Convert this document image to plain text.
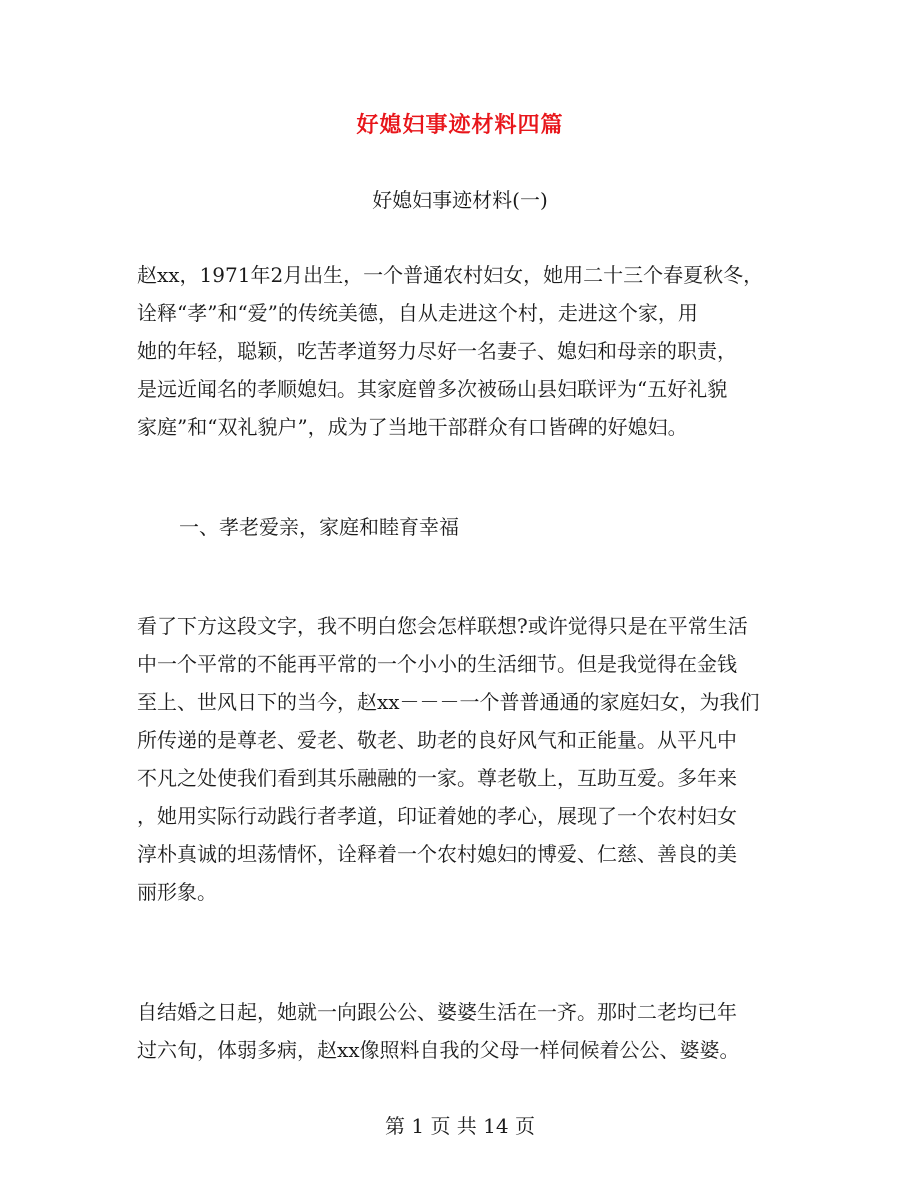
好媳妇事迹材料四篇
好媳妇事迹材料(一)

赵xx，1971年2月出生，一个普通农村妇女，她用二十三个春夏秋冬，
诠释“孝”和“爱”的传统美德，自从走进这个村，走进这个家，用
她的年轻，聪颖，吃苦孝道努力尽好一名妻子、媳妇和母亲的职责，
是远近闻名的孝顺媳妇。其家庭曾多次被砀山县妇联评为“五好礼貌
家庭”和“双礼貌户”，成为了当地干部群众有口皆碑的好媳妇。

一、孝老爱亲，家庭和睦育幸福

看了下方这段文字，我不明白您会怎样联想?或许觉得只是在平常生活
中一个平常的不能再平常的一个小小的生活细节。但是我觉得在金钱
至上、世风日下的当今，赵xx－－－一个普普通通的家庭妇女，为我们
所传递的是尊老、爱老、敬老、助老的良好风气和正能量。从平凡中
不凡之处使我们看到其乐融融的一家。尊老敬上，互助互爱。多年来
，她用实际行动践行者孝道，印证着她的孝心，展现了一个农村妇女
淳朴真诚的坦荡情怀，诠释着一个农村媳妇的博爱、仁慈、善良的美
丽形象。

自结婚之日起，她就一向跟公公、婆婆生活在一齐。那时二老均已年
过六旬，体弱多病，赵xx像照料自我的父母一样伺候着公公、婆婆。

第 1 页 共 14 页
